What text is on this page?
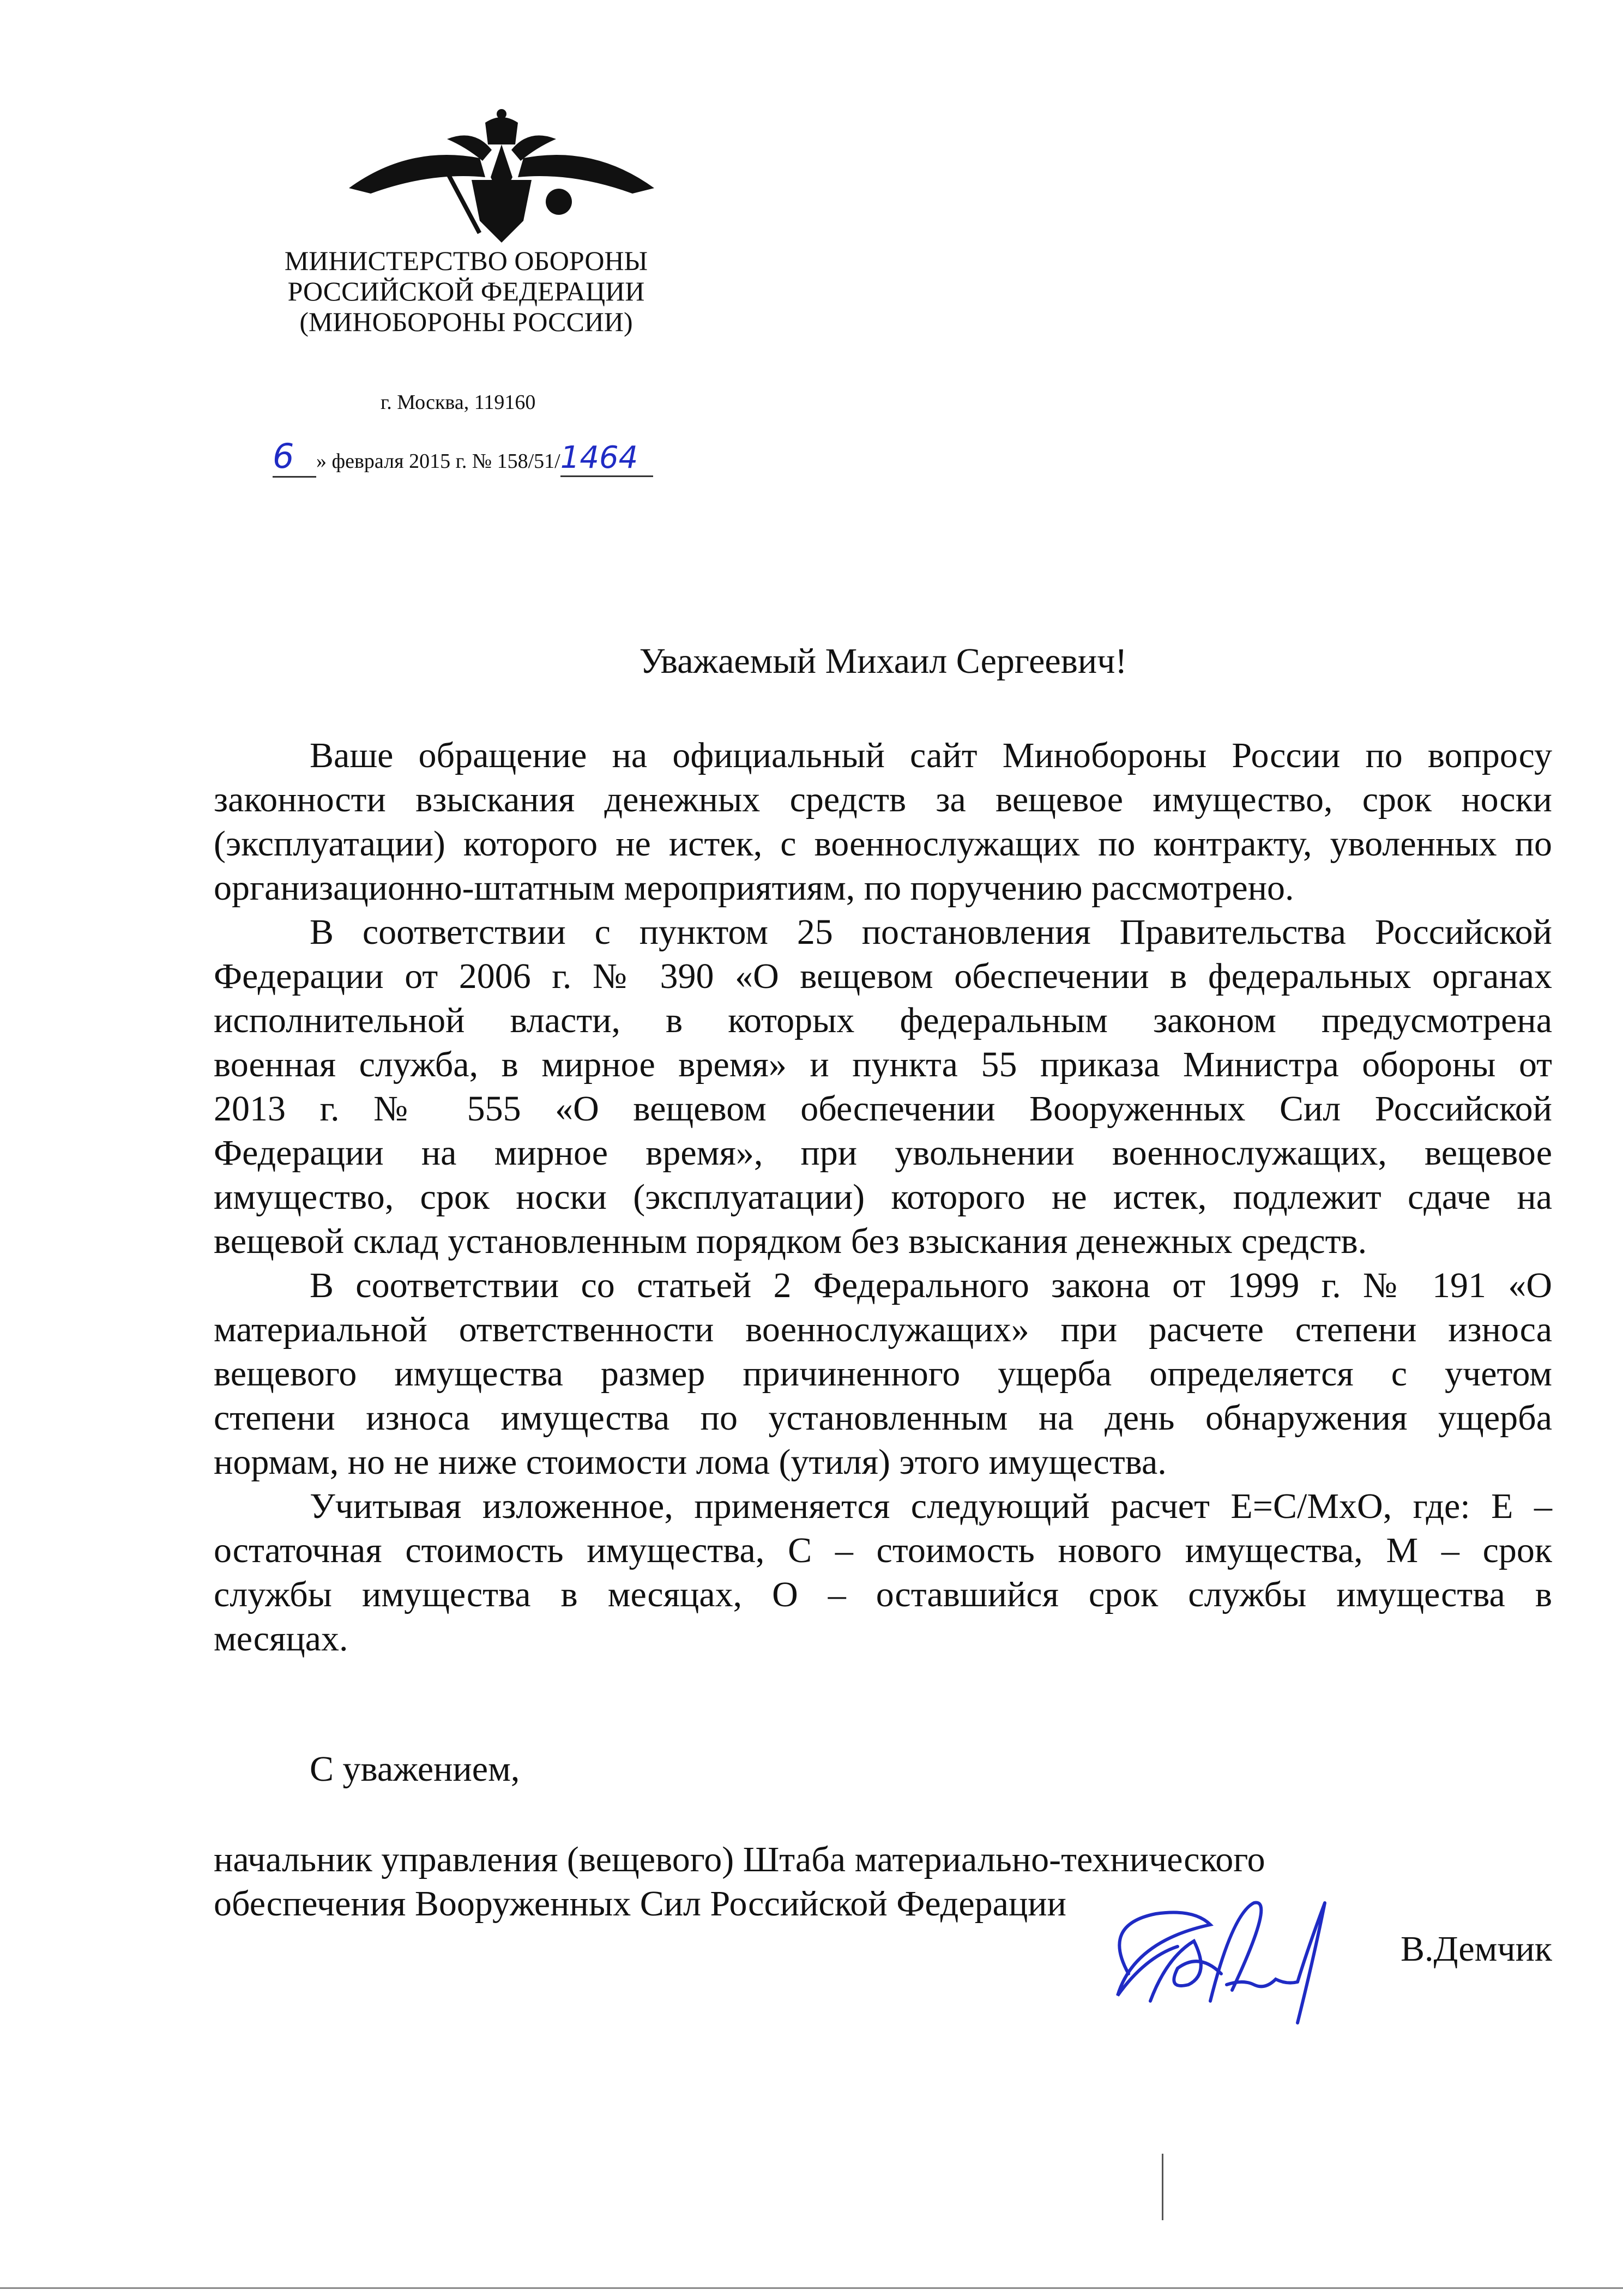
МИНИСТЕРСТВО ОБОРОНЫ
РОССИЙСКОЙ ФЕДЕРАЦИИ
(МИНОБОРОНЫ РОССИИ)
г. Москва, 119160
6 » февраля 2015 г. № 158/51/1464
Уважаемый Михаил Сергеевич!
Ваше обращение на официальный сайт Минобороны России по вопросу
законности взыскания денежных средств за вещевое имущество, срок носки
(эксплуатации) которого не истек, с военнослужащих по контракту, уволенных по
организационно-штатным мероприятиям, по поручению рассмотрено.
В соответствии с пунктом 25 постановления Правительства Российской
Федерации от 2006 г. № 390 «О вещевом обеспечении в федеральных органах
исполнительной власти, в которых федеральным законом предусмотрена
военная служба, в мирное время» и пункта 55 приказа Министра обороны от
2013 г. № 555 «О вещевом обеспечении Вооруженных Сил Российской
Федерации на мирное время», при увольнении военнослужащих, вещевое
имущество, срок носки (эксплуатации) которого не истек, подлежит сдаче на
вещевой склад установленным порядком без взыскания денежных средств.
В соответствии со статьей 2 Федерального закона от 1999 г. № 191 «О
материальной ответственности военнослужащих» при расчете степени износа
вещевого имущества размер причиненного ущерба определяется с учетом
степени износа имущества по установленным на день обнаружения ущерба
нормам, но не ниже стоимости лома (утиля) этого имущества.
Учитывая изложенное, применяется следующий расчет Е=С/МхО, где: Е –
остаточная стоимость имущества, С – стоимость нового имущества, М – срок
службы имущества в месяцах, О – оставшийся срок службы имущества в
месяцах.
С уважением,
начальник управления (вещевого) Штаба материально-технического
обеспечения Вооруженных Сил Российской Федерации
В.Демчик
